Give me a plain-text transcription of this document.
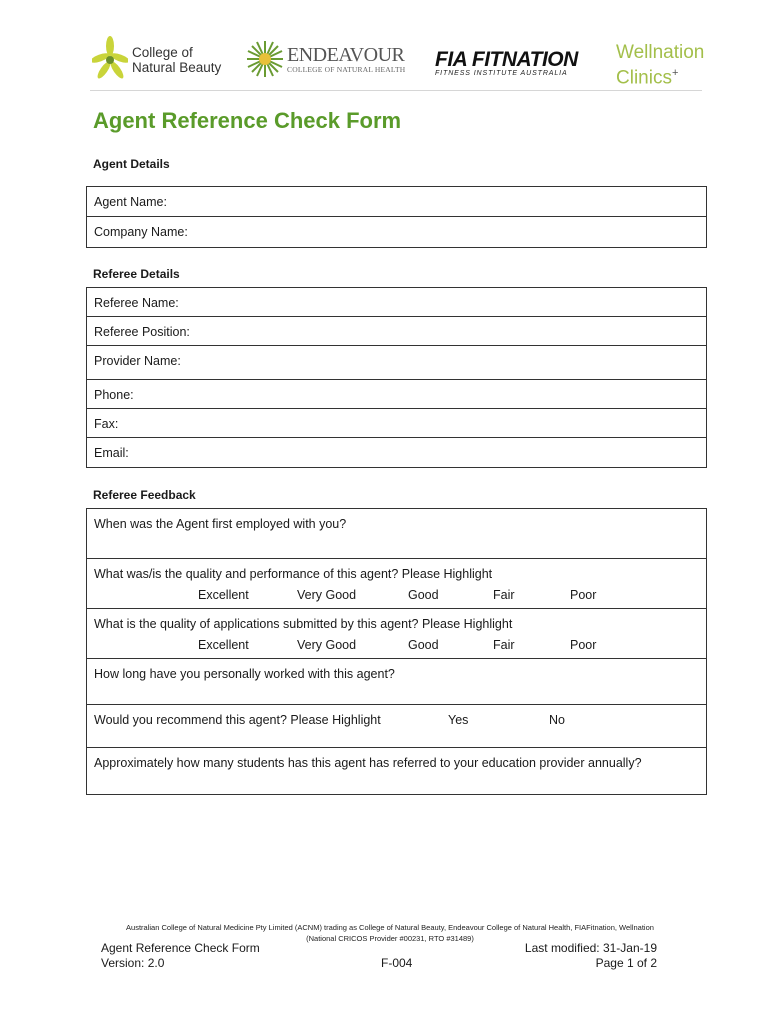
College of
Natural Beauty
ENDEAVOUR
COLLEGE OF NATURAL HEALTH FIA FITNATION
FITNESS INSTITUTE AUSTRALIA
Wellnation
Clinics+
Agent Reference Check Form
Agent Details
Agent Name:
Company Name:
Referee Details
Referee Name:
Referee Position:
Provider Name:
Phone:
Fax:
Email:
Referee Feedback
When was the Agent first employed with you?
What was/is the quality and performance of this agent? Please Highlight
Excellent	Very Good	Good	Fair	Poor
What is the quality of applications submitted by this agent? Please Highlight
Excellent	Very Good	Good	Fair	Poor
How long have you personally worked with this agent?
Would you recommend this agent? Please Highlight	Yes	No
Approximately how many students has this agent has referred to your education provider annually?
Australian College of Natural Medicine Pty Limited (ACNM) trading as College of Natural Beauty, Endeavour College of Natural Health, FIAFitnation, Wellnation
(National CRICOS Provider #00231, RTO #31489)
Agent Reference Check Form
Version: 2.0	F-004
Last modified: 31-Jan-19
Page 1 of 2
